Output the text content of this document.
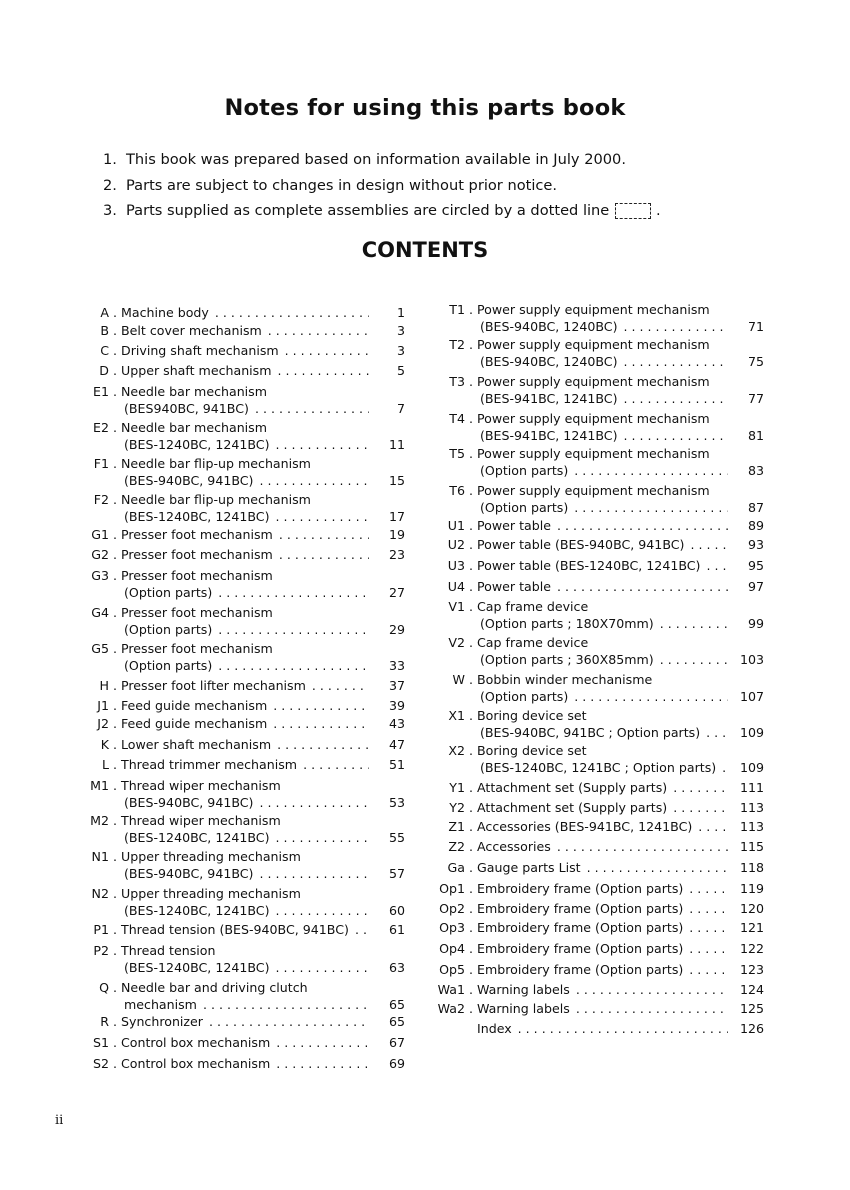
Notes for using this parts book
1. This book was prepared based on information available in July 2000.
2. Parts are subject to changes in design without prior notice.
3. Parts supplied as complete assemblies are circled by a dotted line	.
CONTENTS
A . Machine body . . .	1
B . Belt cover mechanism . . .	3
C . Driving shaft mechanism . . .	3
D . Upper shaft mechanism . . .	5
E1 . Needle bar mechanism
(BES940BC, 941BC) . . .	7
E2 . Needle bar mechanism
(BES-1240BC, 1241BC) . . .	11
F1 . Needle bar flip-up mechanism
(BES-940BC, 941BC) . . .	15
F2 . Needle bar flip-up mechanism
(BES-1240BC, 1241BC) . . .	17
G1 . Presser foot mechanism . . .	19
G2 . Presser foot mechanism . . .	23
G3 . Presser foot mechanism
(Option parts) . . .	27
G4 . Presser foot mechanism
(Option parts) . . .	29
G5 . Presser foot mechanism
(Option parts) . . .	33
H . Presser foot lifter mechanism . . .	37
J1 . Feed guide mechanism . . .	39
J2 . Feed guide mechanism . . .	43
K . Lower shaft mechanism . . .	47
L . Thread trimmer mechanism . . .	51
M1 . Thread wiper mechanism
(BES-940BC, 941BC) . . .	53
M2 . Thread wiper mechanism
(BES-1240BC, 1241BC) . . .	55
N1 . Upper threading mechanism
(BES-940BC, 941BC) . . .	57
N2 . Upper threading mechanism
(BES-1240BC, 1241BC) . . .	60
P1 . Thread tension (BES-940BC, 941BC) . . .	61
P2 . Thread tension
(BES-1240BC, 1241BC) . . .	63
Q . Needle bar and driving clutch
mechanism . . .	65
R . Synchronizer . . .	65
S1 . Control box mechanism . . .	67
S2 . Control box mechanism . . .	69
T1 . Power supply equipment mechanism
(BES-940BC, 1240BC) . . .	71
T2 . Power supply equipment mechanism
(BES-940BC, 1240BC) . . .	75
T3 . Power supply equipment mechanism
(BES-941BC, 1241BC) . . .	77
T4 . Power supply equipment mechanism
(BES-941BC, 1241BC) . . .	81
T5 . Power supply equipment mechanism
(Option parts) . . .	83
T6 . Power supply equipment mechanism
(Option parts) . . .	87
U1 . Power table . . .	89
U2 . Power table (BES-940BC, 941BC) . . .	93
U3 . Power table (BES-1240BC, 1241BC) . . .	95
U4 . Power table . . .	97
V1 . Cap frame device
(Option parts ; 180X70mm) . . .	99
V2 . Cap frame device
(Option parts ; 360X85mm) . . .	103
W . Bobbin winder mechanisme
(Option parts) . . .	107
X1 . Boring device set
(BES-940BC, 941BC ; Option parts) . . .	109
X2 . Boring device set
(BES-1240BC, 1241BC ; Option parts) . . . 109
Y1 . Attachment set (Supply parts) . . .	111
Y2 . Attachment set (Supply parts) . . .	113
Z1 . Accessories (BES-941BC, 1241BC) . . .	113
Z2 . Accessories . . .	115
Ga . Gauge parts List . . .	118
Op1 . Embroidery frame (Option parts) . . .	119
Op2 . Embroidery frame (Option parts) . . .	120
Op3 . Embroidery frame (Option parts) . . .	121
Op4 . Embroidery frame (Option parts) . . .	122
Op5 . Embroidery frame (Option parts) . . .	123
Wa1 . Warning labels . . .	124
Wa2 . Warning labels . . .	125
Index . . .	126
ii
